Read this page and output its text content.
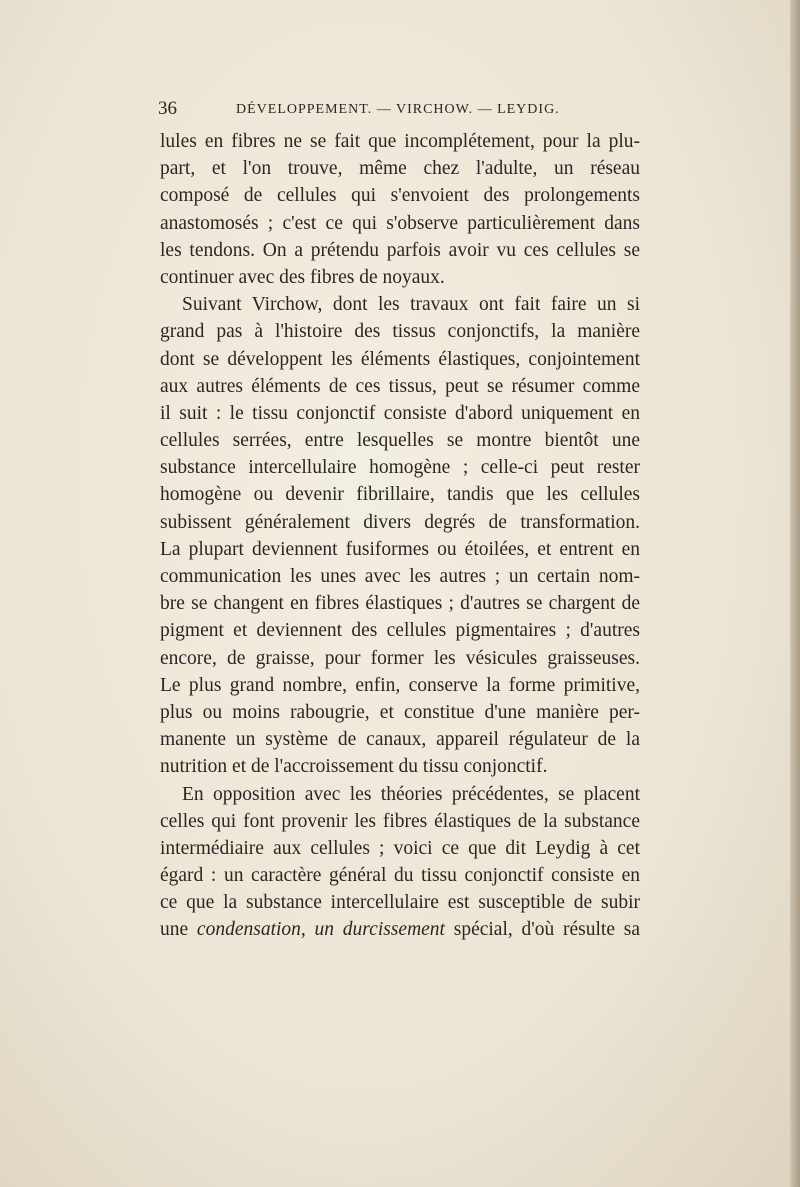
36	DÉVELOPPEMENT. — VIRCHOW. — LEYDIG.
lules en fibres ne se fait que incomplétement, pour la plu-
part, et l'on trouve, même chez l'adulte, un réseau
composé de cellules qui s'envoient des prolongements
anastomosés ; c'est ce qui s'observe particulièrement dans
les tendons. On a prétendu parfois avoir vu ces cellules se
continuer avec des fibres de noyaux.
Suivant Virchow, dont les travaux ont fait faire un si
grand pas à l'histoire des tissus conjonctifs, la manière
dont se développent les éléments élastiques, conjointement
aux autres éléments de ces tissus, peut se résumer comme
il suit : le tissu conjonctif consiste d'abord uniquement en
cellules serrées, entre lesquelles se montre bientôt une
substance intercellulaire homogène ; celle-ci peut rester
homogène ou devenir fibrillaire, tandis que les cellules
subissent généralement divers degrés de transformation.
La plupart deviennent fusiformes ou étoilées, et entrent en
communication les unes avec les autres ; un certain nom-
bre se changent en fibres élastiques ; d'autres se chargent de
pigment et deviennent des cellules pigmentaires ; d'autres
encore, de graisse, pour former les vésicules graisseuses.
Le plus grand nombre, enfin, conserve la forme primitive,
plus ou moins rabougrie, et constitue d'une manière per-
manente un système de canaux, appareil régulateur de la
nutrition et de l'accroissement du tissu conjonctif.
En opposition avec les théories précédentes, se placent
celles qui font provenir les fibres élastiques de la substance
intermédiaire aux cellules ; voici ce que dit Leydig à cet
égard : un caractère général du tissu conjonctif consiste en
ce que la substance intercellulaire est susceptible de subir
une condensation, un durcissement spécial, d'où résulte sa
